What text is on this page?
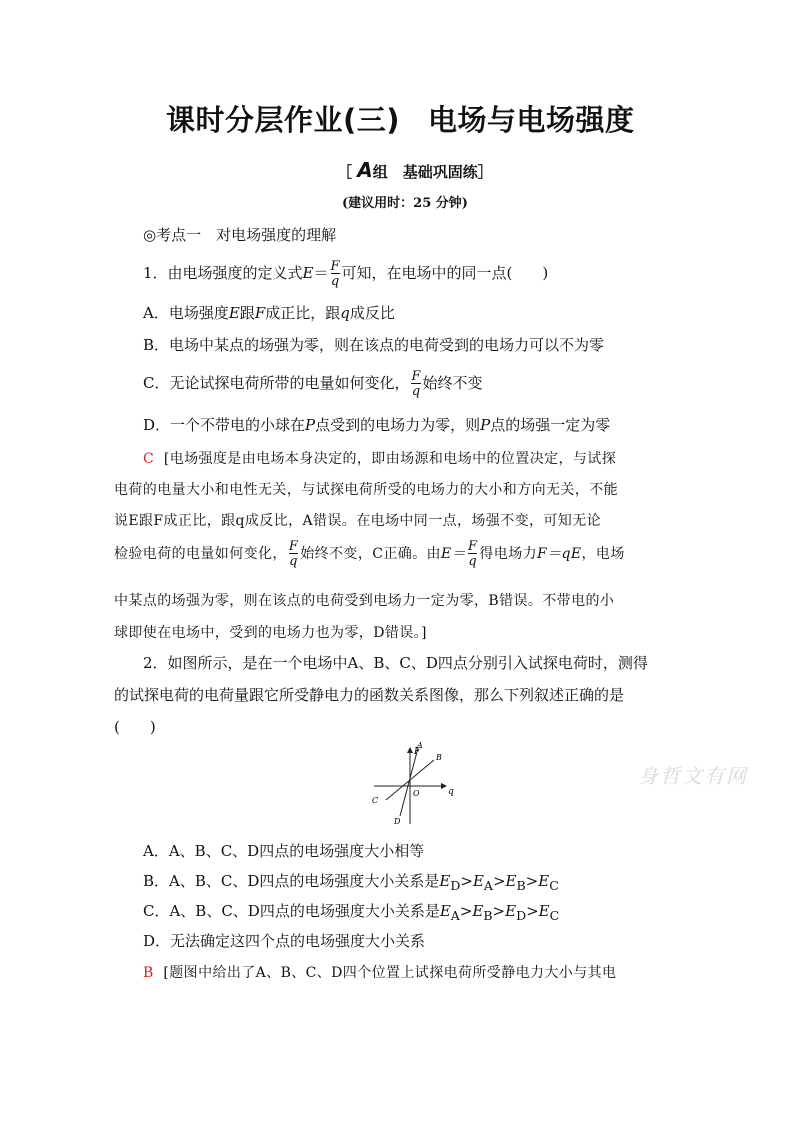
课时分层作业(三) 电场与电场强度
［ A组　基础巩固练］
(建议用时：25 分钟)
◎考点一　对电场强度的理解
1．由电场强度的定义式$E= \frac{F}{q}$ 可知，在电场中的同一点(　　)
A．电场强度E跟F成正比，跟q成反比
B．电场中某点的场强为零，则在该点的电荷受到的电场力可以不为零
C．无论试探电荷所带的电量如何变化， $\frac{F}{q}$ 始终不变
D．一个不带电的小球在P点受到的电场力为零，则P点的场强一定为零
C [电场强度是由电场本身决定的，即由场源和电场中的位置决定，与试探
电荷的电量大小和电性无关，与试探电荷所受的电场力的大小和方向无关，不能
说E跟F成正比，跟q成反比，A错误。在电场中同一点，场强不变，可知无论
检验电荷的电量如何变化， $\frac{F}{q}$ 始终不变，C正确。由$E= \frac{F}{q}$ 得电场力F＝qE，电场
中某点的场强为零，则在该点的电荷受到电场力一定为零，B错误。不带电的小
球即使在电场中，受到的电场力也为零，D错误。]
2．如图所示，是在一个电场中A、B、C、D四点分别引入试探电荷时，测得
的试探电荷的电荷量跟它所受静电力的函数关系图像，那么下列叙述正确的是
(　　)
F
q
O
A
B
C
D
A．A、B、C、D四点的电场强度大小相等
B．A、B、C、D四点的电场强度大小关系是$E_D>E_A>E_B>E_C$
C．A、B、C、D四点的电场强度大小关系是$E_A>E_B>E_D>E_C$
D．无法确定这四个点的电场强度大小关系
B [题图中给出了A、B、C、D四个位置上试探电荷所受静电力大小与其电
身哲文有网
